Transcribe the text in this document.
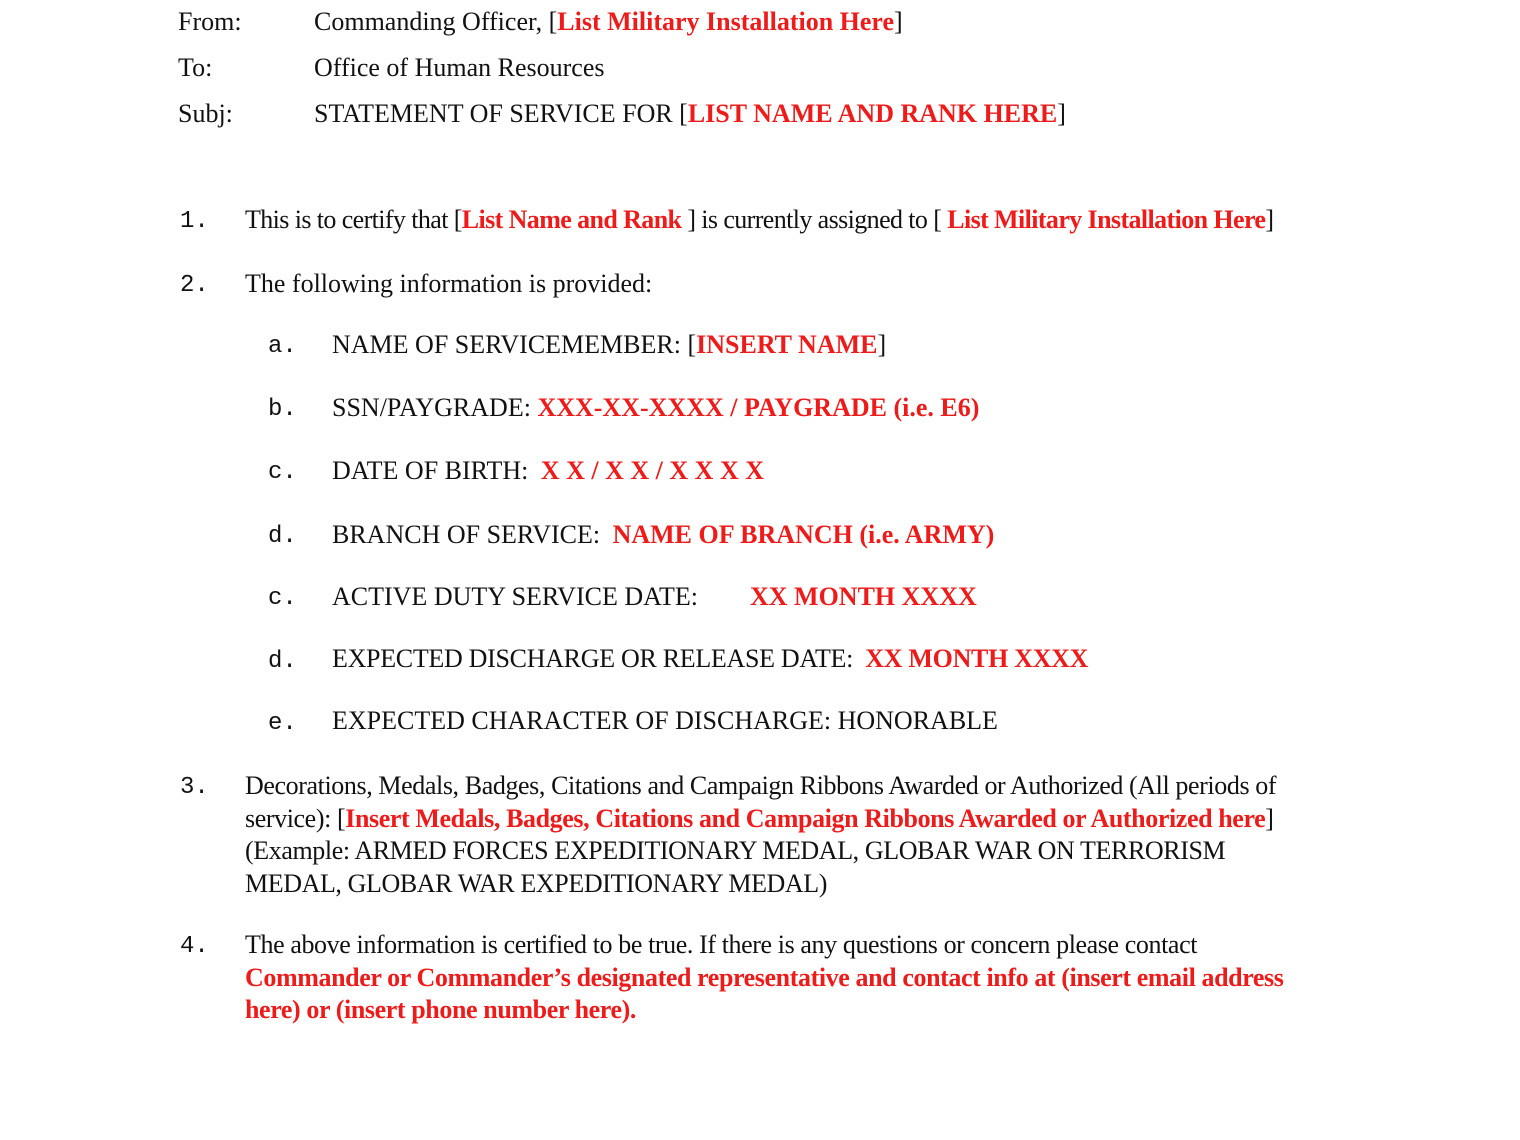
From:	Commanding Officer, [List Military Installation Here]
To:	Office of Human Resources
Subj:	STATEMENT OF SERVICE FOR [LIST NAME AND RANK HERE]
1. This is to certify that [List Name and Rank ] is currently assigned to [ List Military Installation Here]
2. The following information is provided:
a. NAME OF SERVICEMEMBER: [INSERT NAME]
b. SSN/PAYGRADE: XXX-XX-XXXX / PAYGRADE (i.e. E6)
c. DATE OF BIRTH: X X / X X / X X X X
d. BRANCH OF SERVICE: NAME OF BRANCH (i.e. ARMY)
c. ACTIVE DUTY SERVICE DATE: XX MONTH XXXX
d. EXPECTED DISCHARGE OR RELEASE DATE: XX MONTH XXXX
e. EXPECTED CHARACTER OF DISCHARGE: HONORABLE
3. Decorations, Medals, Badges, Citations and Campaign Ribbons Awarded or Authorized (All periods of service): [Insert Medals, Badges, Citations and Campaign Ribbons Awarded or Authorized here] (Example: ARMED FORCES EXPEDITIONARY MEDAL, GLOBAR WAR ON TERRORISM MEDAL, GLOBAR WAR EXPEDITIONARY MEDAL)
4. The above information is certified to be true. If there is any questions or concern please contact Commander or Commander’s designated representative and contact info at (insert email address here) or (insert phone number here).
